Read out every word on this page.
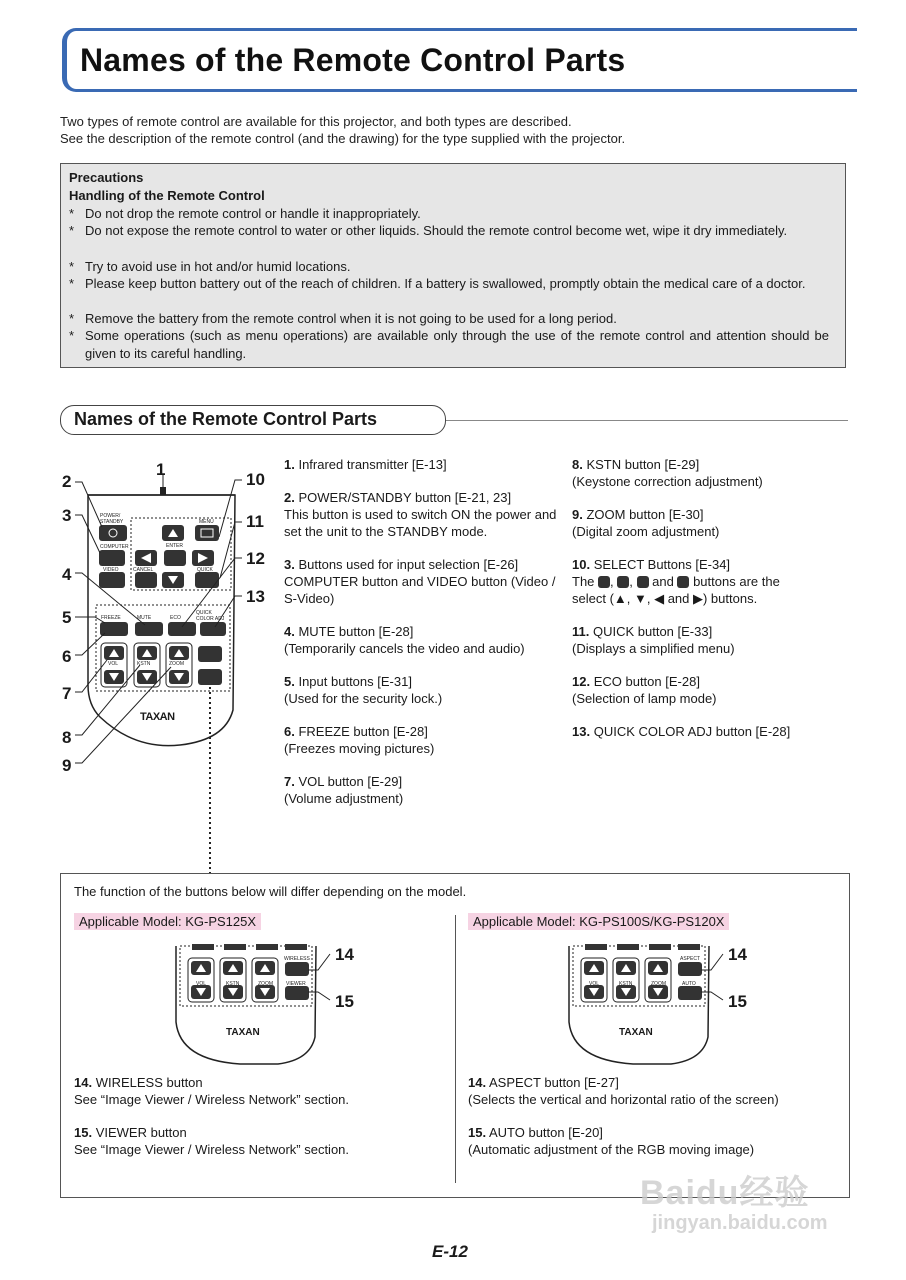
Names of the Remote Control Parts
Two types of remote control are available for this projector, and both types are described.
See the description of the remote control (and the drawing) for the type supplied with the projector.
Precautions
Handling of the Remote Control
* Do not drop the remote control or handle it inappropriately.
* Do not expose the remote control to water or other liquids. Should the remote control become wet, wipe it dry immediately.
* Try to avoid use in hot and/or humid locations.
* Please keep button battery out of the reach of children. If a battery is swallowed, promptly obtain the medical care of a doctor.
* Remove the battery from the remote control when it is not going to be used for a long period.
* Some operations (such as menu operations) are available only through the use of the remote control and attention should be given to its careful handling.
Names of the Remote Control Parts
POWER/ STANDBY
COMPUTER
MENU
ENTER
VIDEO	CANCEL	QUICK
FREEZE	MUTE	ECO
QUICK COLOR ADJ
VOL	KSTN	ZOOM
TAXAN
1
2
3
4
5
6
7
8
9
10
11
12
13
1. Infrared transmitter [E-13]
2. POWER/STANDBY button [E-21, 23]
This button is used to switch ON the power and set the unit to the STANDBY mode.
3. Buttons used for input selection [E-26]
COMPUTER button and VIDEO button (Video / S-Video)
4. MUTE button [E-28]
(Temporarily cancels the video and audio)
5. Input buttons [E-31]
(Used for the security lock.)
6. FREEZE button [E-28]
(Freezes moving pictures)
7. VOL button [E-29]
(Volume adjustment)
8. KSTN button [E-29]
(Keystone correction adjustment)
9. ZOOM button [E-30]
(Digital zoom adjustment)
10. SELECT Buttons [E-34]
The , ,  and buttons are the
select (▲, ▼, ◀ and ▶) buttons.
11. QUICK button [E-33]
(Displays a simplified menu)
12. ECO button [E-28]
(Selection of lamp mode)
13. QUICK COLOR ADJ button [E-28]
The function of the buttons below will differ depending on the model.
Applicable Model: KG-PS125X	Applicable Model: KG-PS100S/KG-PS120X
VOL	KSTN	ZOOM
WIRELESS
VIEWER
TAXAN
14
15
VOL	KSTN	ZOOM
ASPECT
AUTO
TAXAN
14
15
14. WIRELESS button
See “Image Viewer / Wireless Network” section.
15. VIEWER button
See “Image Viewer / Wireless Network” section.
14. ASPECT button [E-27]
(Selects the vertical and horizontal ratio of the screen)
15. AUTO button [E-20]
(Automatic adjustment of the RGB moving image)
Baidu经验
jingyan.baidu.com
E-12
